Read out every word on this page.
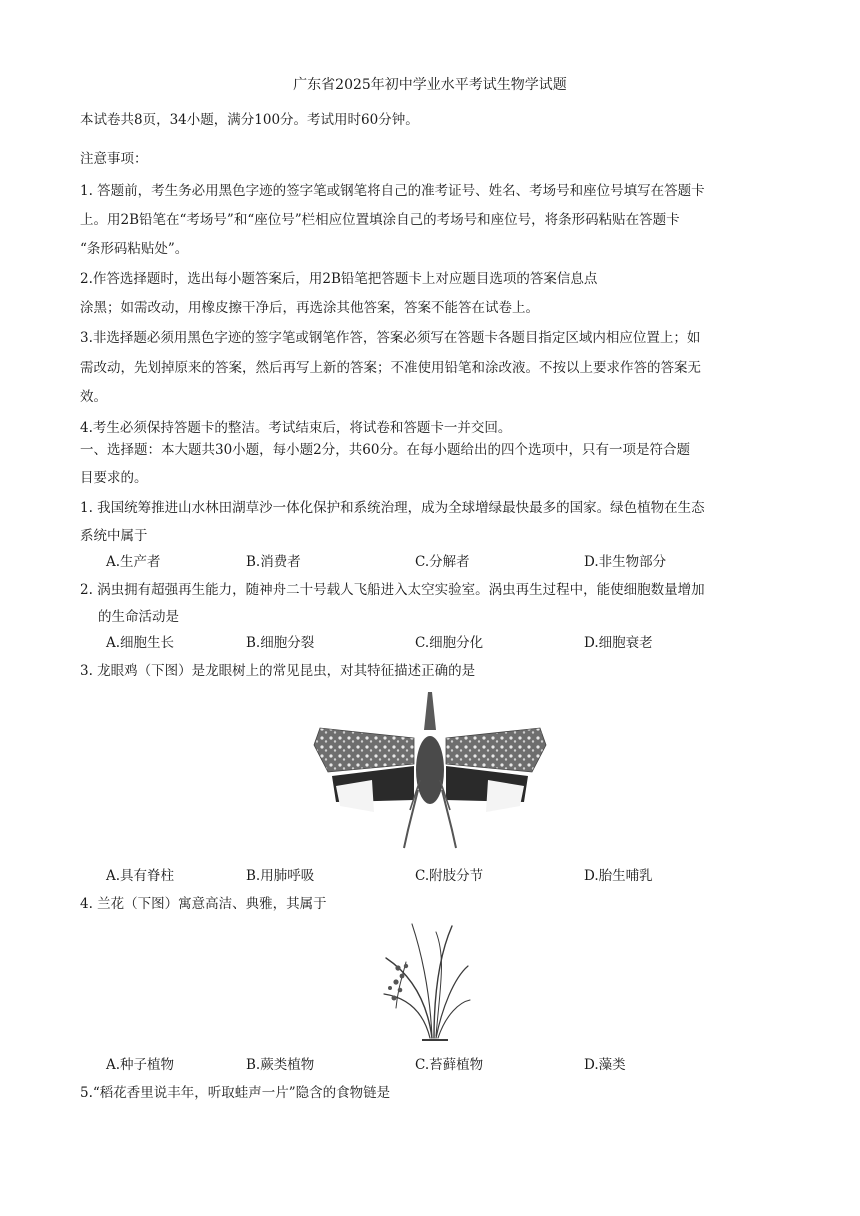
广东省2025年初中学业水平考试生物学试题
本试卷共8页，34小题，满分100分。考试用时60分钟。
注意事项：
1. 答题前，考生务必用黑色字迹的签字笔或钢笔将自己的准考证号、姓名、考场号和座位号填写在答题卡
上。用2B铅笔在“考场号”和“座位号”栏相应位置填涂自己的考场号和座位号，将条形码粘贴在答题卡
“条形码粘贴处”。
2.作答选择题时，选出每小题答案后，用2B铅笔把答题卡上对应题目选项的答案信息点
涂黑；如需改动，用橡皮擦干净后，再选涂其他答案，答案不能答在试卷上。
3.非选择题必须用黑色字迹的签字笔或钢笔作答，答案必须写在答题卡各题目指定区域内相应位置上；如
需改动，先划掉原来的答案，然后再写上新的答案；不准使用铅笔和涂改液。不按以上要求作答的答案无
效。
4.考生必须保持答题卡的整洁。考试结束后，将试卷和答题卡一并交回。
一、选择题：本大题共30小题，每小题2分，共60分。在每小题给出的四个选项中，只有一项是符合题
目要求的。
1. 我国统筹推进山水林田湖草沙一体化保护和系统治理，成为全球增绿最快最多的国家。绿色植物在生态
系统中属于
A.生产者	B.消费者	C.分解者	D.非生物部分
2. 涡虫拥有超强再生能力，随神舟二十号载人飞船进入太空实验室。涡虫再生过程中，能使细胞数量增加
的生命活动是
A.细胞生长	B.细胞分裂	C.细胞分化	D.细胞衰老
3. 龙眼鸡（下图）是龙眼树上的常见昆虫，对其特征描述正确的是
A.具有脊柱	B.用肺呼吸	C.附肢分节	D.胎生哺乳
4. 兰花（下图）寓意高洁、典雅，其属于
A.种子植物	B.蕨类植物	C.苔藓植物	D.藻类
5.“稻花香里说丰年，听取蛙声一片”隐含的食物链是
